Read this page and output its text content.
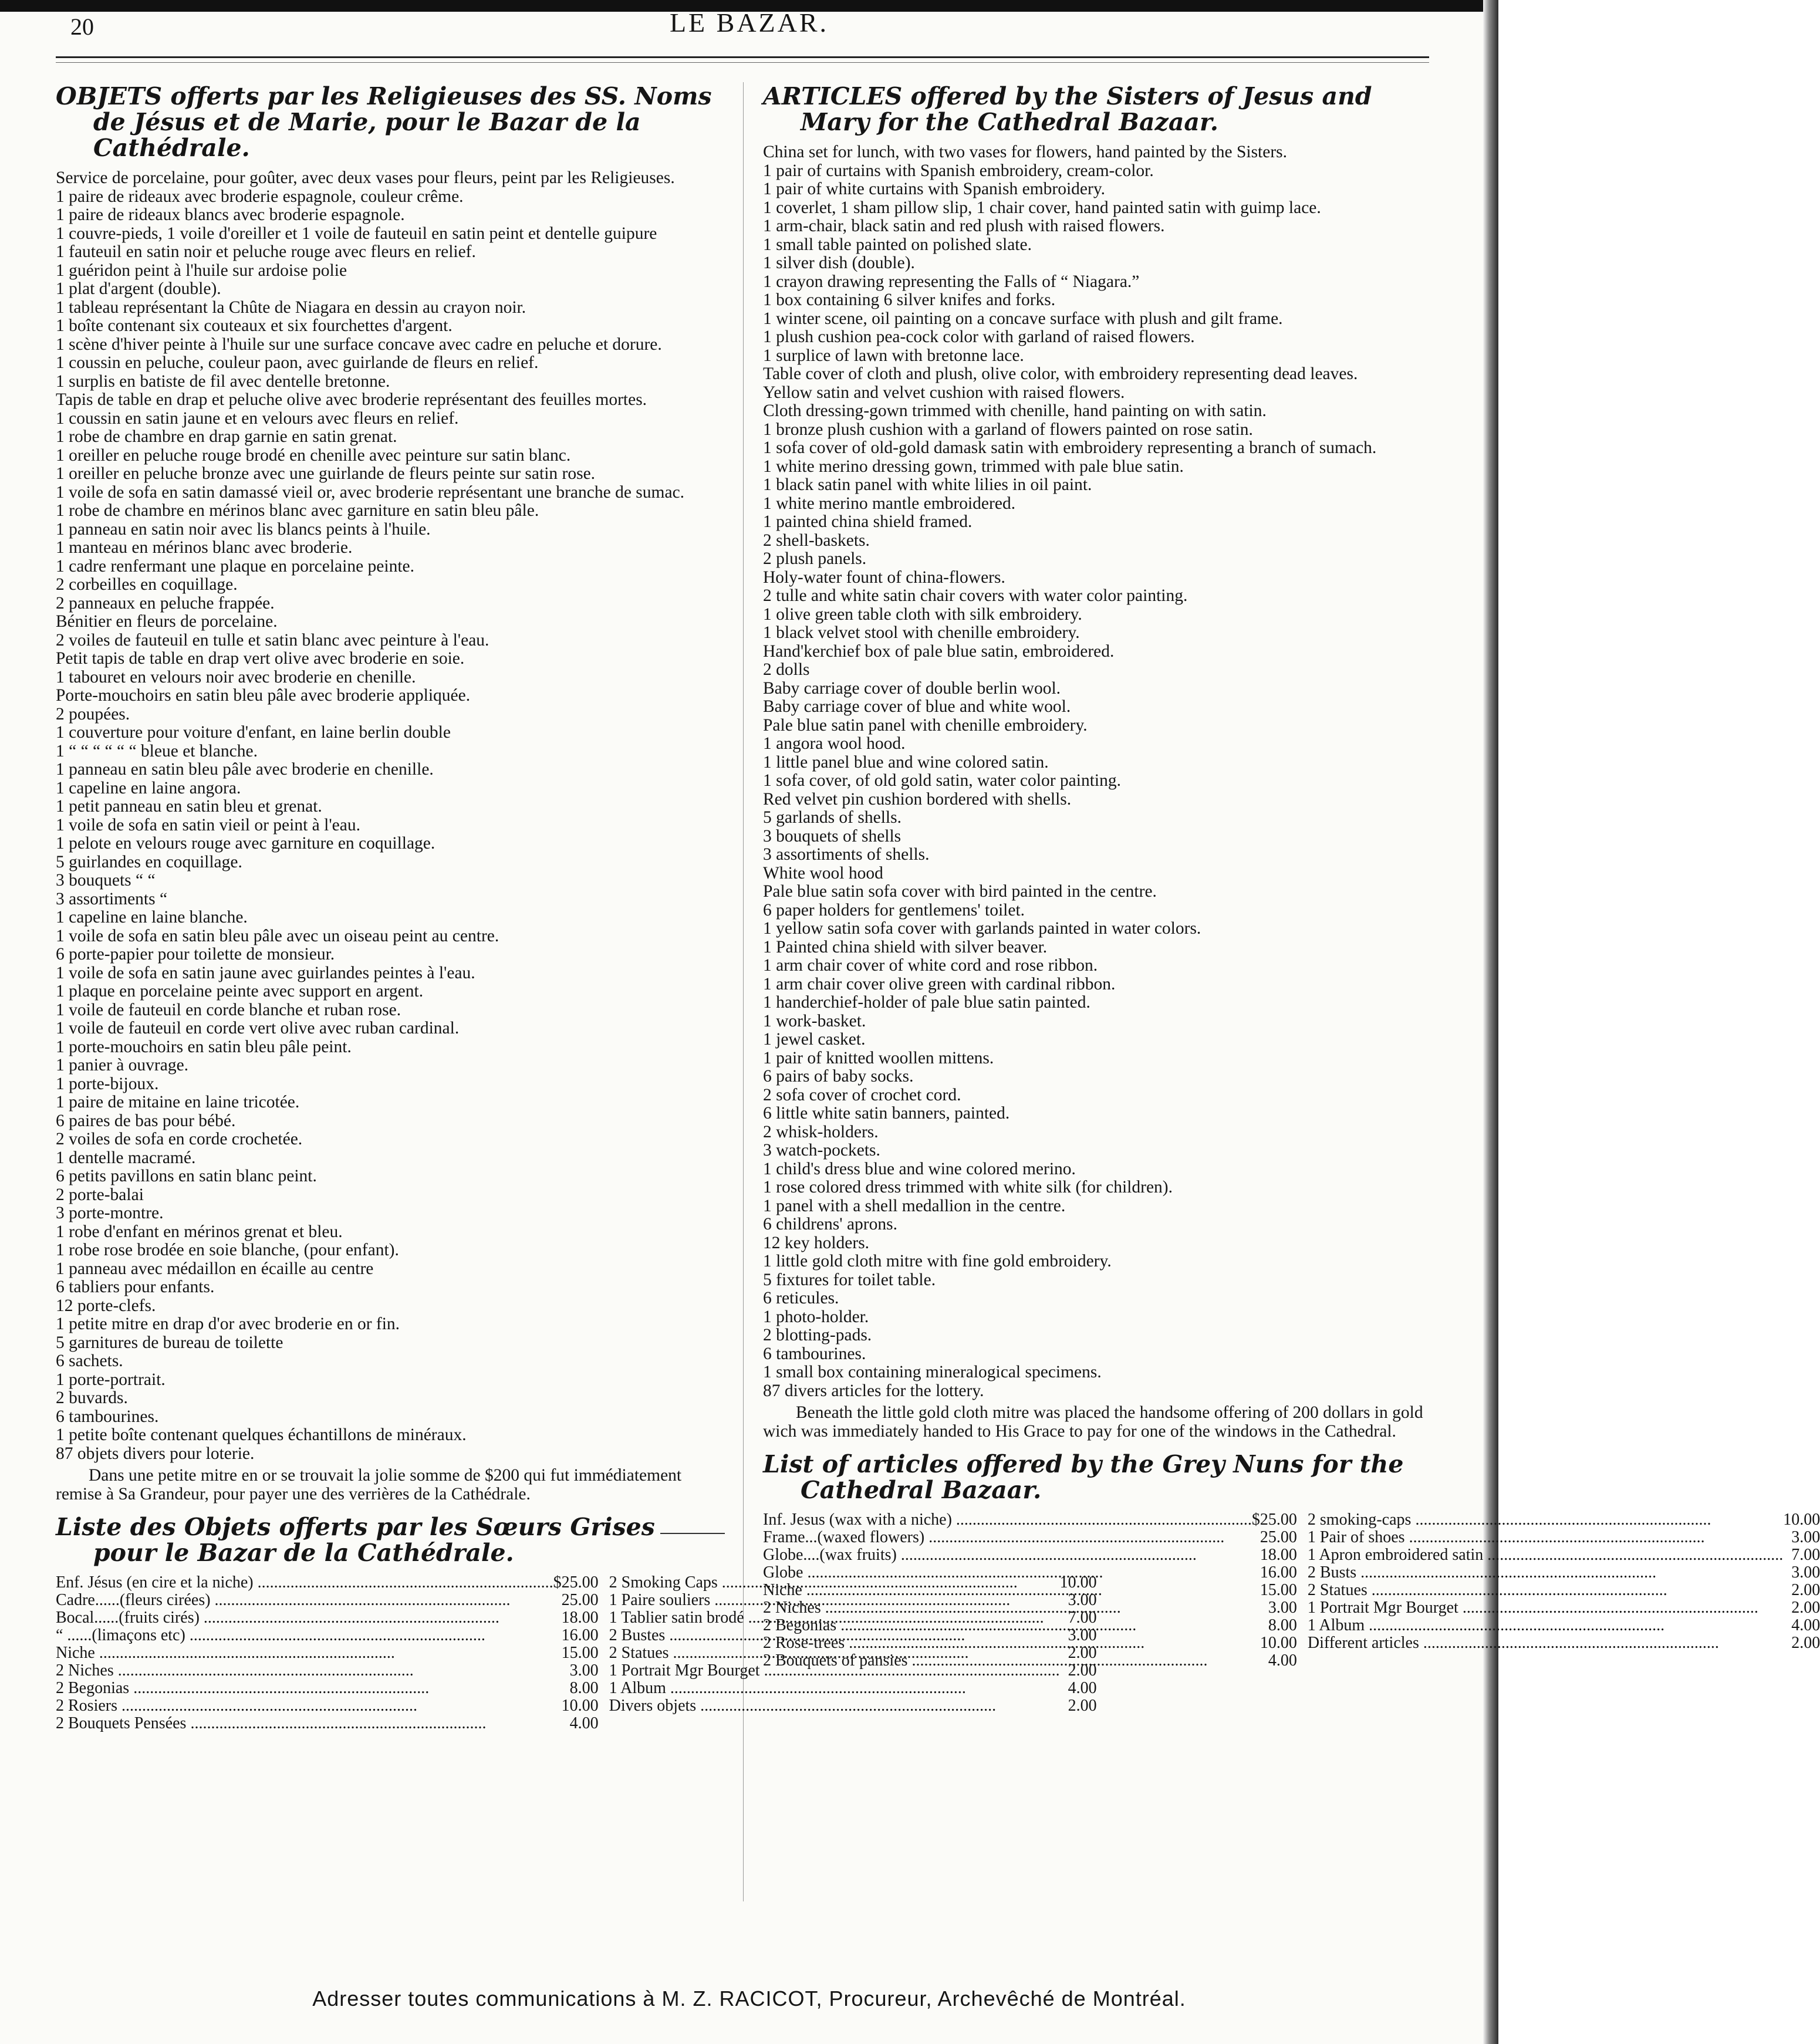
20	LE BAZAR.
OBJETS offerts par les Religieuses des SS. Noms de Jésus et de Marie, pour le Bazar de la Cathédrale.
Service de porcelaine, pour goûter, avec deux vases pour fleurs, peint par les Religieuses.
1 paire de rideaux avec broderie espagnole, couleur crême.
1 paire de rideaux blancs avec broderie espagnole.
1 couvre-pieds, 1 voile d'oreiller et 1 voile de fauteuil en satin peint et dentelle guipure
1 fauteuil en satin noir et peluche rouge avec fleurs en relief.
1 guéridon peint à l'huile sur ardoise polie
1 plat d'argent (double).
1 tableau représentant la Chûte de Niagara en dessin au crayon noir.
1 boîte contenant six couteaux et six fourchettes d'argent.
1 scène d'hiver peinte à l'huile sur une surface concave avec cadre en peluche et dorure.
1 coussin en peluche, couleur paon, avec guirlande de fleurs en relief.
1 surplis en batiste de fil avec dentelle bretonne.
Tapis de table en drap et peluche olive avec broderie représentant des feuilles mortes.
1 coussin en satin jaune et en velours avec fleurs en relief.
1 robe de chambre en drap garnie en satin grenat.
1 oreiller en peluche rouge brodé en chenille avec peinture sur satin blanc.
1 oreiller en peluche bronze avec une guirlande de fleurs peinte sur satin rose.
1 voile de sofa en satin damassé vieil or, avec broderie représentant une branche de sumac.
1 robe de chambre en mérinos blanc avec garniture en satin bleu pâle.
1 panneau en satin noir avec lis blancs peints à l'huile.
1 manteau en mérinos blanc avec broderie.
1 cadre renfermant une plaque en porcelaine peinte.
2 corbeilles en coquillage.
2 panneaux en peluche frappée.
Bénitier en fleurs de porcelaine.
2 voiles de fauteuil en tulle et satin blanc avec peinture à l'eau.
Petit tapis de table en drap vert olive avec broderie en soie.
1 tabouret en velours noir avec broderie en chenille.
Porte-mouchoirs en satin bleu pâle avec broderie appliquée.
2 poupées.
1 couverture pour voiture d'enfant, en laine berlin double
1 “ “ “ “ “ “ bleue et blanche.
1 panneau en satin bleu pâle avec broderie en chenille.
1 capeline en laine angora.
1 petit panneau en satin bleu et grenat.
1 voile de sofa en satin vieil or peint à l'eau.
1 pelote en velours rouge avec garniture en coquillage.
5 guirlandes en coquillage.
3 bouquets “ “
3 assortiments “
1 capeline en laine blanche.
1 voile de sofa en satin bleu pâle avec un oiseau peint au centre.
6 porte-papier pour toilette de monsieur.
1 voile de sofa en satin jaune avec guirlandes peintes à l'eau.
1 plaque en porcelaine peinte avec support en argent.
1 voile de fauteuil en corde blanche et ruban rose.
1 voile de fauteuil en corde vert olive avec ruban cardinal.
1 porte-mouchoirs en satin bleu pâle peint.
1 panier à ouvrage.
1 porte-bijoux.
1 paire de mitaine en laine tricotée.
6 paires de bas pour bébé.
2 voiles de sofa en corde crochetée.
1 dentelle macramé.
6 petits pavillons en satin blanc peint.
2 porte-balai
3 porte-montre.
1 robe d'enfant en mérinos grenat et bleu.
1 robe rose brodée en soie blanche, (pour enfant).
1 panneau avec médaillon en écaille au centre
6 tabliers pour enfants.
12 porte-clefs.
1 petite mitre en drap d'or avec broderie en or fin.
5 garnitures de bureau de toilette
6 sachets.
1 porte-portrait.
2 buvards.
6 tambourines.
1 petite boîte contenant quelques échantillons de minéraux.
87 objets divers pour loterie.

Dans une petite mitre en or se trouvait la jolie somme de $200 qui fut immédiatement remise à Sa Grandeur, pour payer une des verrières de la Cathédrale.

Liste des Objets offerts par les Sœurs Grises pour le Bazar de la Cathédrale.
Enf. Jésus (en cire et la niche) .....	$25.00	2 Smoking Caps .....	10.00

Cadre......(fleurs cirées) .....	25.00	1 Paire souliers .....	3.00

Bocal......(fruits cirés) .....	18.00	1 Tablier satin brodé .....	7.00

“ ......(limaçons etc) .....	16.00	2 Bustes .....	3.00

Niche .....	15.00	2 Statues .....	2.00

2 Niches .....	3.00	1 Portrait Mgr Bourget .....	2.00

2 Begonias .....	8.00	1 Album .....	4.00

2 Rosiers .....	10.00	Divers objets .....	2.00

2 Bouquets Pensées .....	4.00		

ARTICLES offered by the Sisters of Jesus and Mary for the Cathedral Bazaar.
China set for lunch, with two vases for flowers, hand painted by the Sisters.
1 pair of curtains with Spanish embroidery, cream-color.
1 pair of white curtains with Spanish embroidery.
1 coverlet, 1 sham pillow slip, 1 chair cover, hand painted satin with guimp lace.
1 arm-chair, black satin and red plush with raised flowers.
1 small table painted on polished slate.
1 silver dish (double).
1 crayon drawing representing the Falls of “ Niagara.”
1 box containing 6 silver knifes and forks.
1 winter scene, oil painting on a concave surface with plush and gilt frame.
1 plush cushion pea-cock color with garland of raised flowers.
1 surplice of lawn with bretonne lace.
Table cover of cloth and plush, olive color, with embroidery representing dead leaves.
Yellow satin and velvet cushion with raised flowers.
Cloth dressing-gown trimmed with chenille, hand painting on with satin.
1 bronze plush cushion with a garland of flowers painted on rose satin.
1 sofa cover of old-gold damask satin with embroidery representing a branch of sumach.
1 white merino dressing gown, trimmed with pale blue satin.
1 black satin panel with white lilies in oil paint.
1 white merino mantle embroidered.
1 painted china shield framed.
2 shell-baskets.
2 plush panels.
Holy-water fount of china-flowers.
2 tulle and white satin chair covers with water color painting.
1 olive green table cloth with silk embroidery.
1 black velvet stool with chenille embroidery.
Hand'kerchief box of pale blue satin, embroidered.
2 dolls
Baby carriage cover of double berlin wool.
Baby carriage cover of blue and white wool.
Pale blue satin panel with chenille embroidery.
1 angora wool hood.
1 little panel blue and wine colored satin.
1 sofa cover, of old gold satin, water color painting.
Red velvet pin cushion bordered with shells.
5 garlands of shells.
3 bouquets of shells
3 assortiments of shells.
White wool hood
Pale blue satin sofa cover with bird painted in the centre.
6 paper holders for gentlemens' toilet.
1 yellow satin sofa cover with garlands painted in water colors.
1 Painted china shield with silver beaver.
1 arm chair cover of white cord and rose ribbon.
1 arm chair cover olive green with cardinal ribbon.
1 handerchief-holder of pale blue satin painted.
1 work-basket.
1 jewel casket.
1 pair of knitted woollen mittens.
6 pairs of baby socks.
2 sofa cover of crochet cord.
6 little white satin banners, painted.
2 whisk-holders.
3 watch-pockets.
1 child's dress blue and wine colored merino.
1 rose colored dress trimmed with white silk (for children).
1 panel with a shell medallion in the centre.
6 childrens' aprons.
12 key holders.
1 little gold cloth mitre with fine gold embroidery.
5 fixtures for toilet table.
6 reticules.
1 photo-holder.
2 blotting-pads.
6 tambourines.
1 small box containing mineralogical specimens.
87 divers articles for the lottery.

Beneath the little gold cloth mitre was placed the handsome offering of 200 dollars in gold wich was immediately handed to His Grace to pay for one of the windows in the Cathedral.

List of articles offered by the Grey Nuns for the Cathedral Bazaar.
Inf. Jesus (wax with a niche) .....	$25.00	2 smoking-caps .....	10.00

Frame...(waxed flowers) .....	25.00	1 Pair of shoes .....	3.00

Globe....(wax fruits) .....	18.00	1 Apron embroidered satin .....	7.00

Globe .....	16.00	2 Busts .....	3.00

Niche .....	15.00	2 Statues .....	2.00

2 Niches .....	3.00	1 Portrait Mgr Bourget .....	2.00

2 Begonias .....	8.00	1 Album .....	4.00

2 Rose-trees .....	10.00	Different articles .....	2.00

2 Bouquets of pansies .....	4.00		

Adresser toutes communications à M. Z. RACICOT, Procureur, Archevêché de Montréal.
